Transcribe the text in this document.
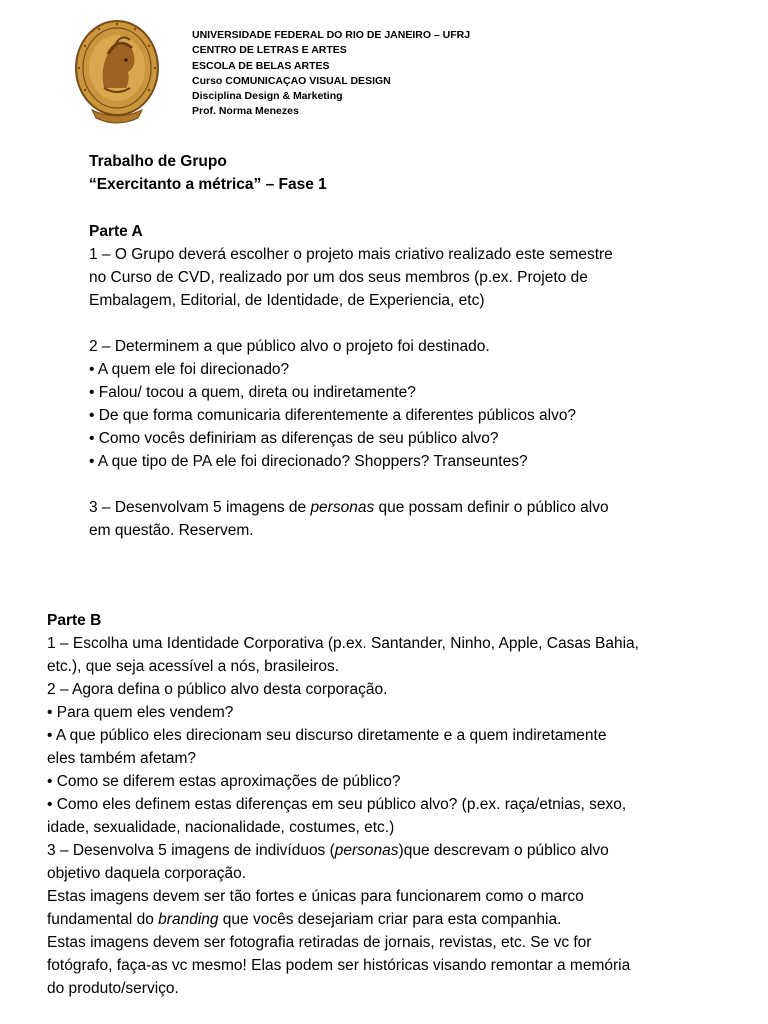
UNIVERSIDADE FEDERAL DO RIO DE JANEIRO – UFRJ
CENTRO DE LETRAS E ARTES
ESCOLA DE BELAS ARTES
Curso COMUNICAÇAO VISUAL DESIGN
Disciplina Design & Marketing
Prof. Norma Menezes
Trabalho de Grupo
“Exercitanto a métrica” – Fase 1
Parte A
1 – O Grupo deverá escolher o projeto mais criativo realizado este semestre
no Curso de CVD, realizado por um dos seus membros (p.ex. Projeto de
Embalagem, Editorial, de Identidade, de Experiencia, etc)
2 – Determinem a que público alvo o projeto foi destinado.
• A quem ele foi direcionado?
• Falou/ tocou a quem, direta ou indiretamente?
• De que forma comunicaria diferentemente a diferentes públicos alvo?
• Como vocês definiriam as diferenças de seu público alvo?
• A que tipo de PA ele foi direcionado? Shoppers? Transeuntes?
3 – Desenvolvam 5 imagens de personas que possam definir o público alvo
em questão. Reservem.
Parte B
1 – Escolha uma Identidade Corporativa (p.ex. Santander, Ninho, Apple, Casas Bahia,
etc.), que seja acessível a nós, brasileiros.
2 – Agora defina o público alvo desta corporação.
• Para quem eles vendem?
• A que público eles direcionam seu discurso diretamente e a quem indiretamente
eles também afetam?
• Como se diferem estas aproximações de público?
• Como eles definem estas diferenças em seu público alvo? (p.ex. raça/etnias, sexo,
idade, sexualidade, nacionalidade, costumes, etc.)
3 – Desenvolva 5 imagens de indivíduos (personas)que descrevam o público alvo
objetivo daquela corporação.
Estas imagens devem ser tão fortes e únicas para funcionarem como o marco
fundamental do branding que vocês desejariam criar para esta companhia.
Estas imagens devem ser fotografia retiradas de jornais, revistas, etc. Se vc for
fotógrafo, faça-as vc mesmo! Elas podem ser históricas visando remontar a memória
do produto/serviço.
